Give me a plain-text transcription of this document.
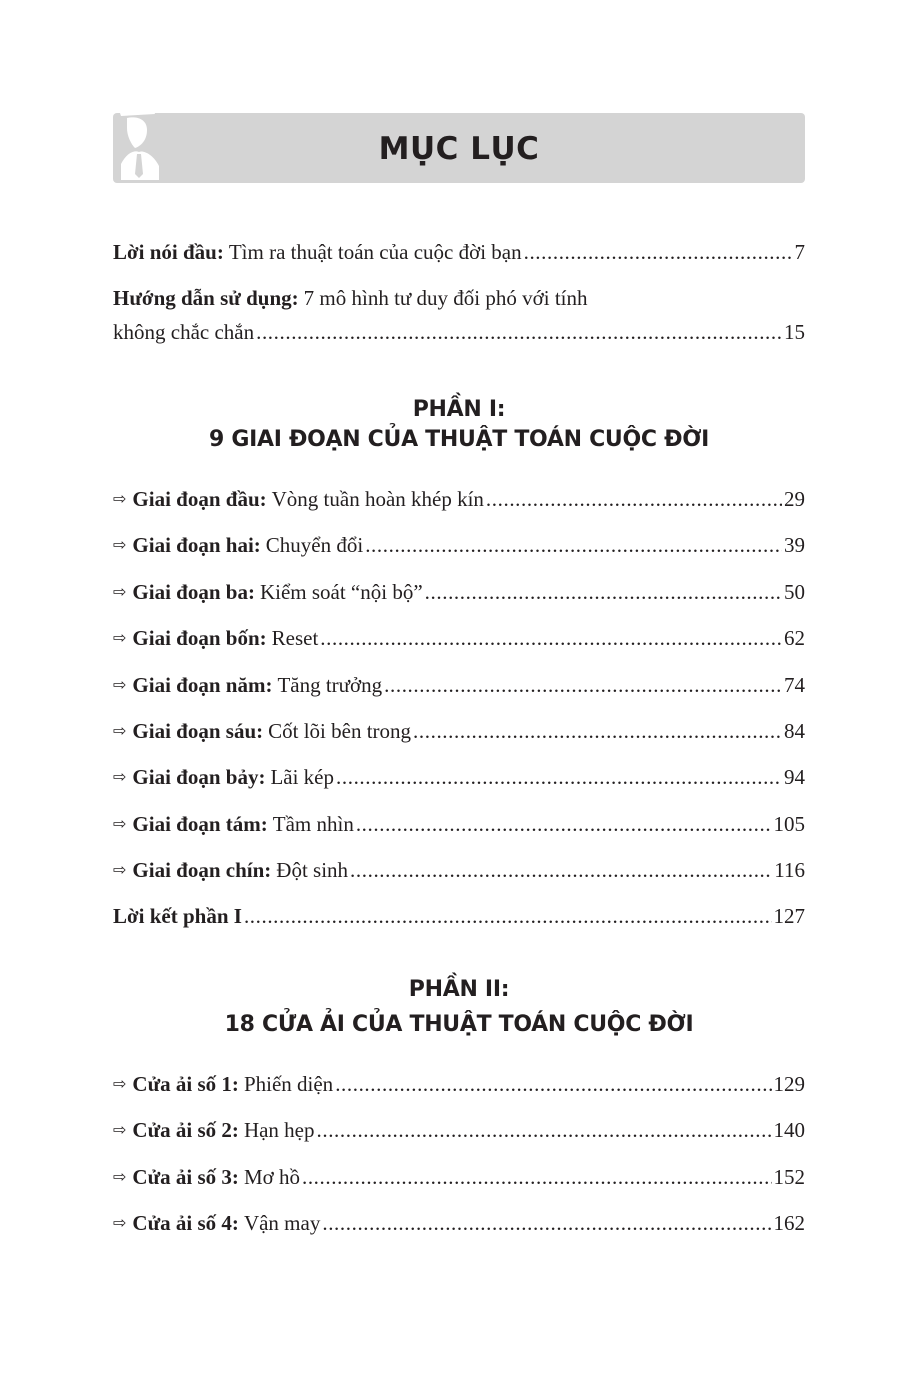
MỤC LỤC
Lời nói đầu: Tìm ra thuật toán của cuộc đời bạn .....	7
Hướng dẫn sử dụng: 7 mô hình tư duy đối phó với tính
không chắc chắn .....	15
PHẦN I:
9 GIAI ĐOẠN CỦA THUẬT TOÁN CUỘC ĐỜI
⇨ Giai đoạn đầu: Vòng tuần hoàn khép kín .....	29
⇨ Giai đoạn hai: Chuyển đổi .....	39
⇨ Giai đoạn ba: Kiểm soát “nội bộ” .....	50
⇨ Giai đoạn bốn: Reset .....	62
⇨ Giai đoạn năm: Tăng trưởng .....	74
⇨ Giai đoạn sáu: Cốt lõi bên trong .....	84
⇨ Giai đoạn bảy: Lãi kép .....	94
⇨ Giai đoạn tám: Tầm nhìn .....	105
⇨ Giai đoạn chín: Đột sinh .....	116
Lời kết phần I .....	127
PHẦN II:
18 CỬA ẢI CỦA THUẬT TOÁN CUỘC ĐỜI
⇨ Cửa ải số 1: Phiến diện .....	129
⇨ Cửa ải số 2: Hạn hẹp .....	140
⇨ Cửa ải số 3: Mơ hồ .....	152
⇨ Cửa ải số 4: Vận may .....	162
